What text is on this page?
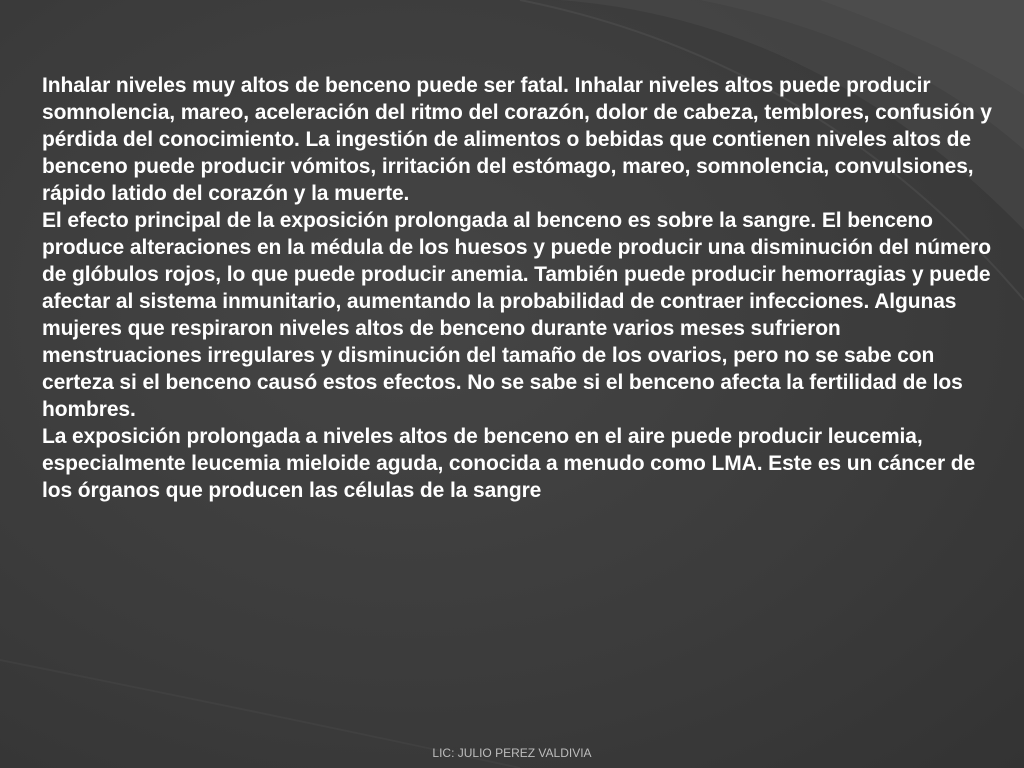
Inhalar niveles muy altos de benceno puede ser fatal. Inhalar niveles altos puede producir somnolencia, mareo, aceleración del ritmo del corazón, dolor de cabeza, temblores, confusión y pérdida del conocimiento. La ingestión de alimentos o bebidas que contienen niveles altos de benceno puede producir vómitos, irritación del estómago, mareo, somnolencia, convulsiones, rápido latido del corazón y la muerte.

El efecto principal de la exposición prolongada al benceno es sobre la sangre. El benceno produce alteraciones en la médula de los huesos y puede producir una disminución del número de glóbulos rojos, lo que puede producir anemia. También puede producir hemorragias y puede afectar al sistema inmunitario, aumentando la probabilidad de contraer infecciones. Algunas mujeres que respiraron niveles altos de benceno durante varios meses sufrieron menstruaciones irregulares y disminución del tamaño de los ovarios, pero no se sabe con certeza si el benceno causó estos efectos. No se sabe si el benceno afecta la fertilidad de los hombres.

La exposición prolongada a niveles altos de benceno en el aire puede producir leucemia, especialmente leucemia mieloide aguda, conocida a menudo como LMA. Este es un cáncer de los órganos que producen las células de la sangre

LIC: JULIO PEREZ VALDIVIA
